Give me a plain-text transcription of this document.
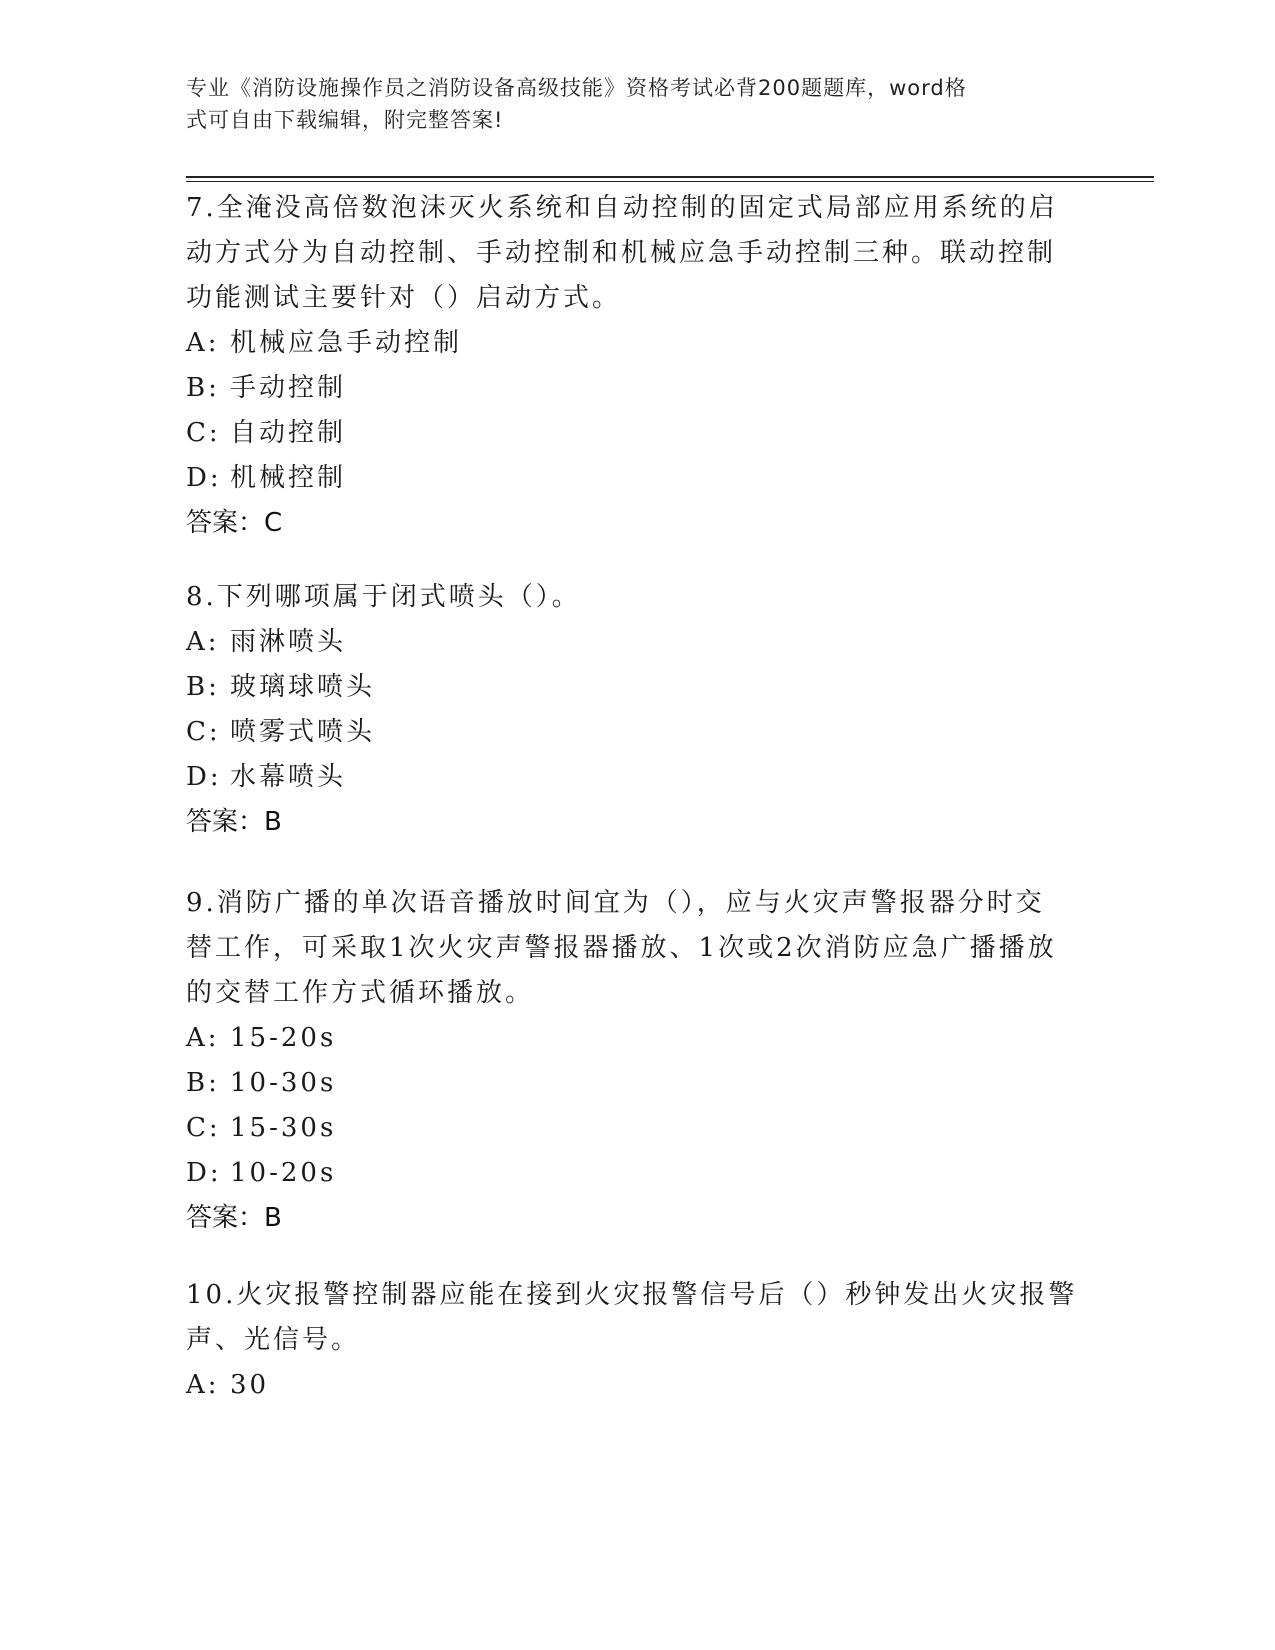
专业《消防设施操作员之消防设备高级技能》资格考试必背200题题库，word格
式可自由下载编辑，附完整答案!

7.全淹没高倍数泡沫灭火系统和自动控制的固定式局部应用系统的启

动方式分为自动控制、手动控制和机械应急手动控制三种。联动控制

功能测试主要针对（）启动方式。

A: 机械应急手动控制

B: 手动控制

C: 自动控制

D: 机械控制

答案：C

8.下列哪项属于闭式喷头（）。

A: 雨淋喷头

B: 玻璃球喷头

C: 喷雾式喷头

D: 水幕喷头

答案：B

9.消防广播的单次语音播放时间宜为（），应与火灾声警报器分时交

替工作，可采取1次火灾声警报器播放、1次或2次消防应急广播播放

的交替工作方式循环播放。

A: 15-20s

B: 10-30s

C: 15-30s

D: 10-20s

答案：B

10.火灾报警控制器应能在接到火灾报警信号后（）秒钟发出火灾报警

声、光信号。

A: 30
